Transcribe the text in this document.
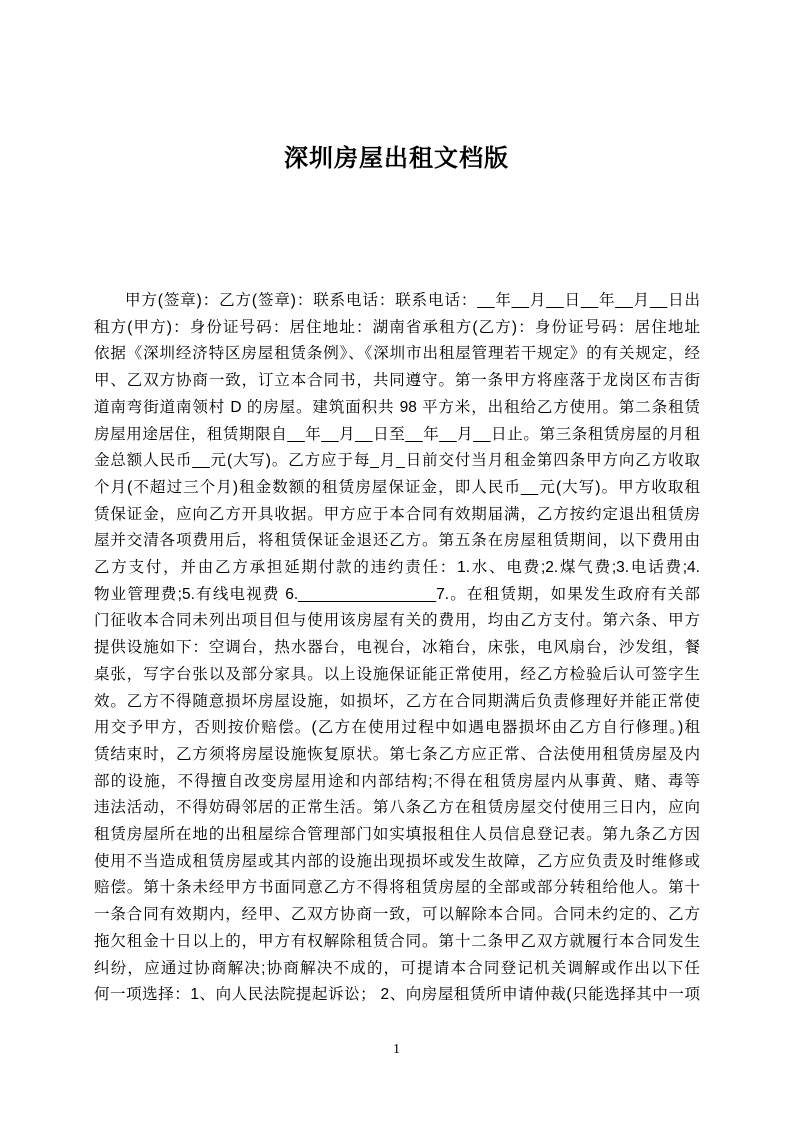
深圳房屋出租文档版
甲方(签章)：乙方(签章)：联系电话：联系电话：__年__月__日__年__月__日出
租方(甲方)：身份证号码：居住地址：湖南省承租方(乙方)：身份证号码：居住地址
依据《深圳经济特区房屋租赁条例》、《深圳市出租屋管理若干规定》的有关规定，经
甲、乙双方协商一致，订立本合同书，共同遵守。第一条甲方将座落于龙岗区布吉街
道南弯街道南领村 D 的房屋。建筑面积共 98 平方米，出租给乙方使用。第二条租赁
房屋用途居住，租赁期限自__年__月__日至__年__月__日止。第三条租赁房屋的月租
金总额人民币__元(大写)。乙方应于每_月_日前交付当月租金第四条甲方向乙方收取
个月(不超过三个月)租金数额的租赁房屋保证金，即人民币__元(大写)。甲方收取租
赁保证金，应向乙方开具收据。甲方应于本合同有效期届满，乙方按约定退出租赁房
屋并交清各项费用后，将租赁保证金退还乙方。第五条在房屋租赁期间，以下费用由
乙方支付，并由乙方承担延期付款的违约责任：1.水、电费;2.煤气费;3.电话费;4.
物业管理费;5.有线电视费 6.________________7.。在租赁期，如果发生政府有关部
门征收本合同未列出项目但与使用该房屋有关的费用，均由乙方支付。第六条、甲方
提供设施如下：空调台，热水器台，电视台，冰箱台，床张，电风扇台，沙发组，餐
桌张，写字台张以及部分家具。以上设施保证能正常使用，经乙方检验后认可签字生
效。乙方不得随意损坏房屋设施，如损坏，乙方在合同期满后负责修理好并能正常使
用交予甲方，否则按价赔偿。(乙方在使用过程中如遇电器损坏由乙方自行修理。)租
赁结束时，乙方须将房屋设施恢复原状。第七条乙方应正常、合法使用租赁房屋及内
部的设施，不得擅自改变房屋用途和内部结构;不得在租赁房屋内从事黄、赌、毒等
违法活动，不得妨碍邻居的正常生活。第八条乙方在租赁房屋交付使用三日内，应向
租赁房屋所在地的出租屋综合管理部门如实填报租住人员信息登记表。第九条乙方因
使用不当造成租赁房屋或其内部的设施出现损坏或发生故障，乙方应负责及时维修或
赔偿。第十条未经甲方书面同意乙方不得将租赁房屋的全部或部分转租给他人。第十
一条合同有效期内，经甲、乙双方协商一致，可以解除本合同。合同未约定的、乙方
拖欠租金十日以上的，甲方有权解除租赁合同。第十二条甲乙双方就履行本合同发生
纠纷，应通过协商解决;协商解决不成的，可提请本合同登记机关调解或作出以下任
何一项选择：1、向人民法院提起诉讼； 2、向房屋租赁所申请仲裁(只能选择其中一项
1
